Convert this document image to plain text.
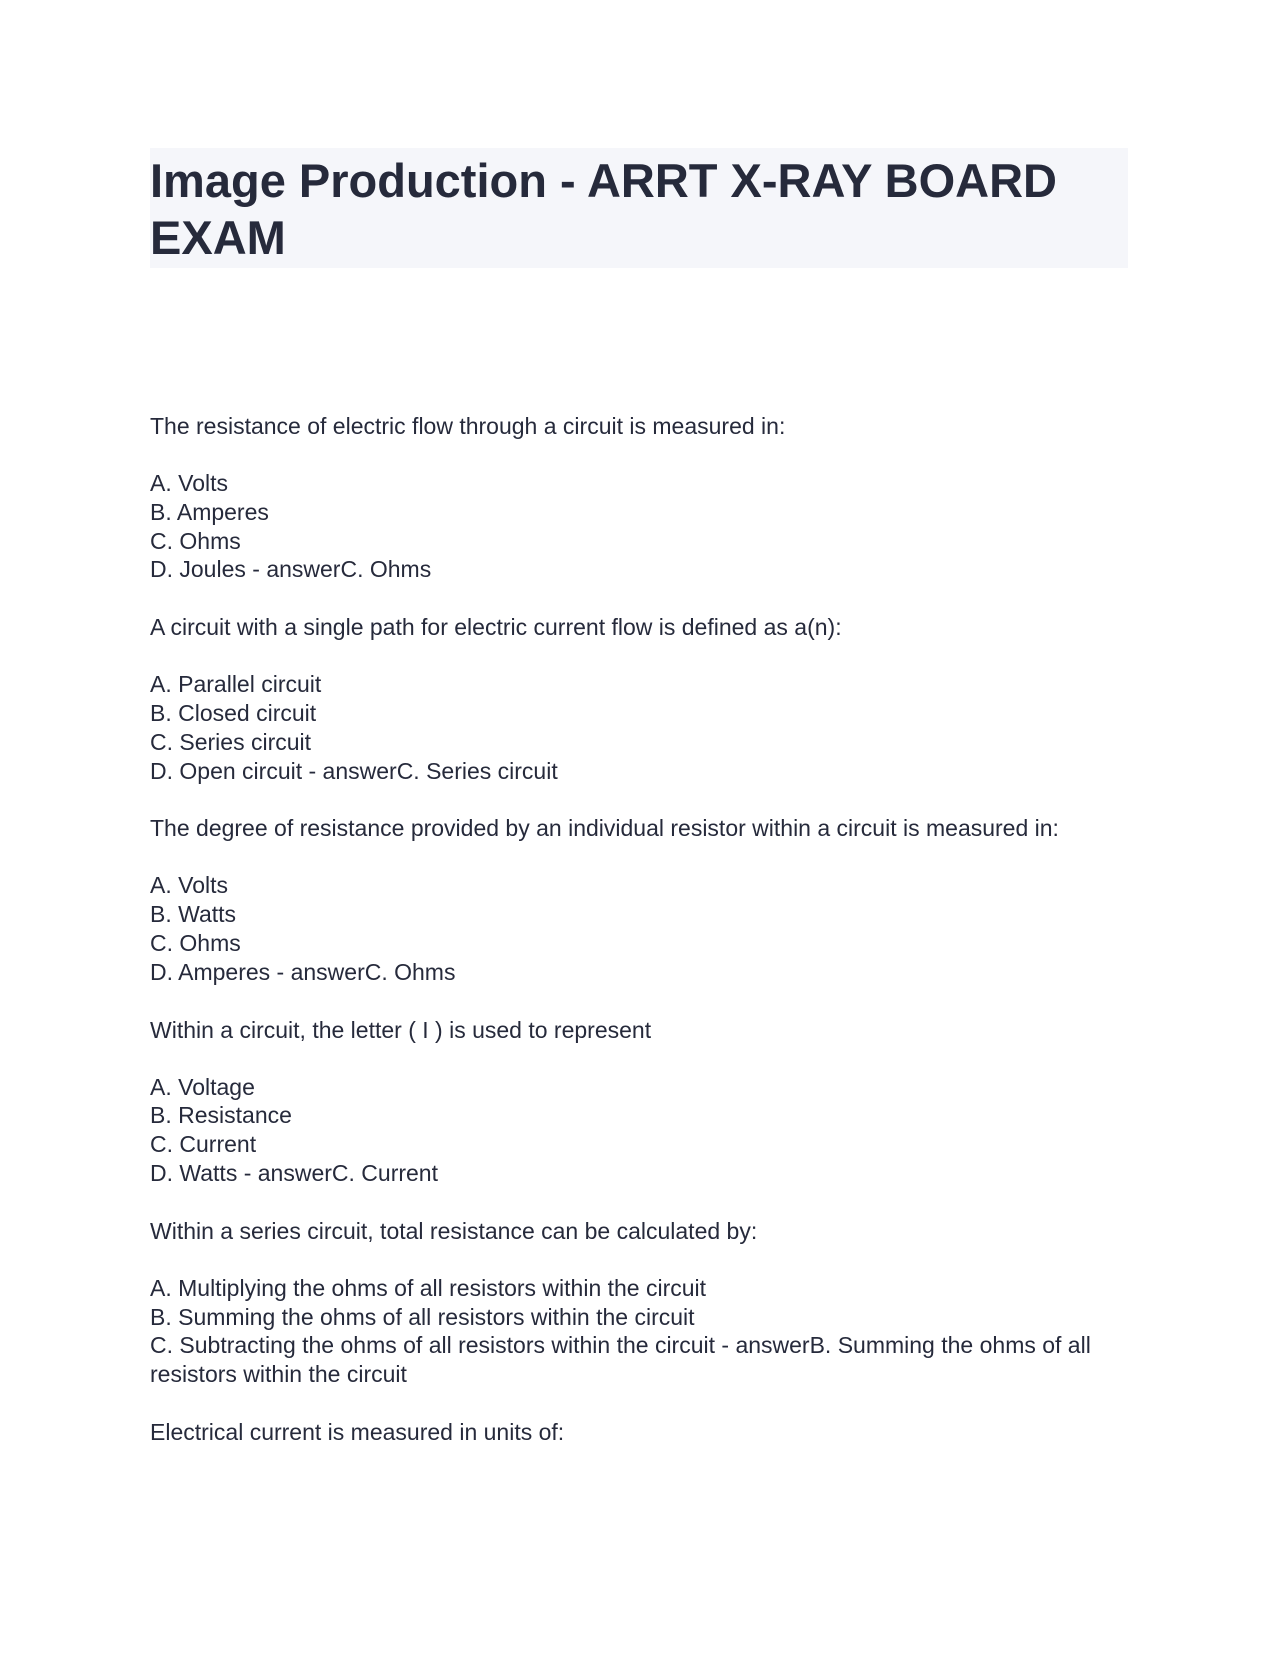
Image Production - ARRT X-RAY BOARD EXAM

The resistance of electric flow through a circuit is measured in:

A. Volts

B. Amperes

C. Ohms

D. Joules - answerC. Ohms

A circuit with a single path for electric current flow is defined as a(n):

A. Parallel circuit

B. Closed circuit

C. Series circuit

D. Open circuit - answerC. Series circuit

The degree of resistance provided by an individual resistor within a circuit is measured in:

A. Volts

B. Watts

C. Ohms

D. Amperes - answerC. Ohms

Within a circuit, the letter ( I ) is used to represent

A. Voltage

B. Resistance

C. Current

D. Watts - answerC. Current

Within a series circuit, total resistance can be calculated by:

A. Multiplying the ohms of all resistors within the circuit

B. Summing the ohms of all resistors within the circuit

C. Subtracting the ohms of all resistors within the circuit - answerB. Summing the ohms of all resistors within the circuit

Electrical current is measured in units of:
